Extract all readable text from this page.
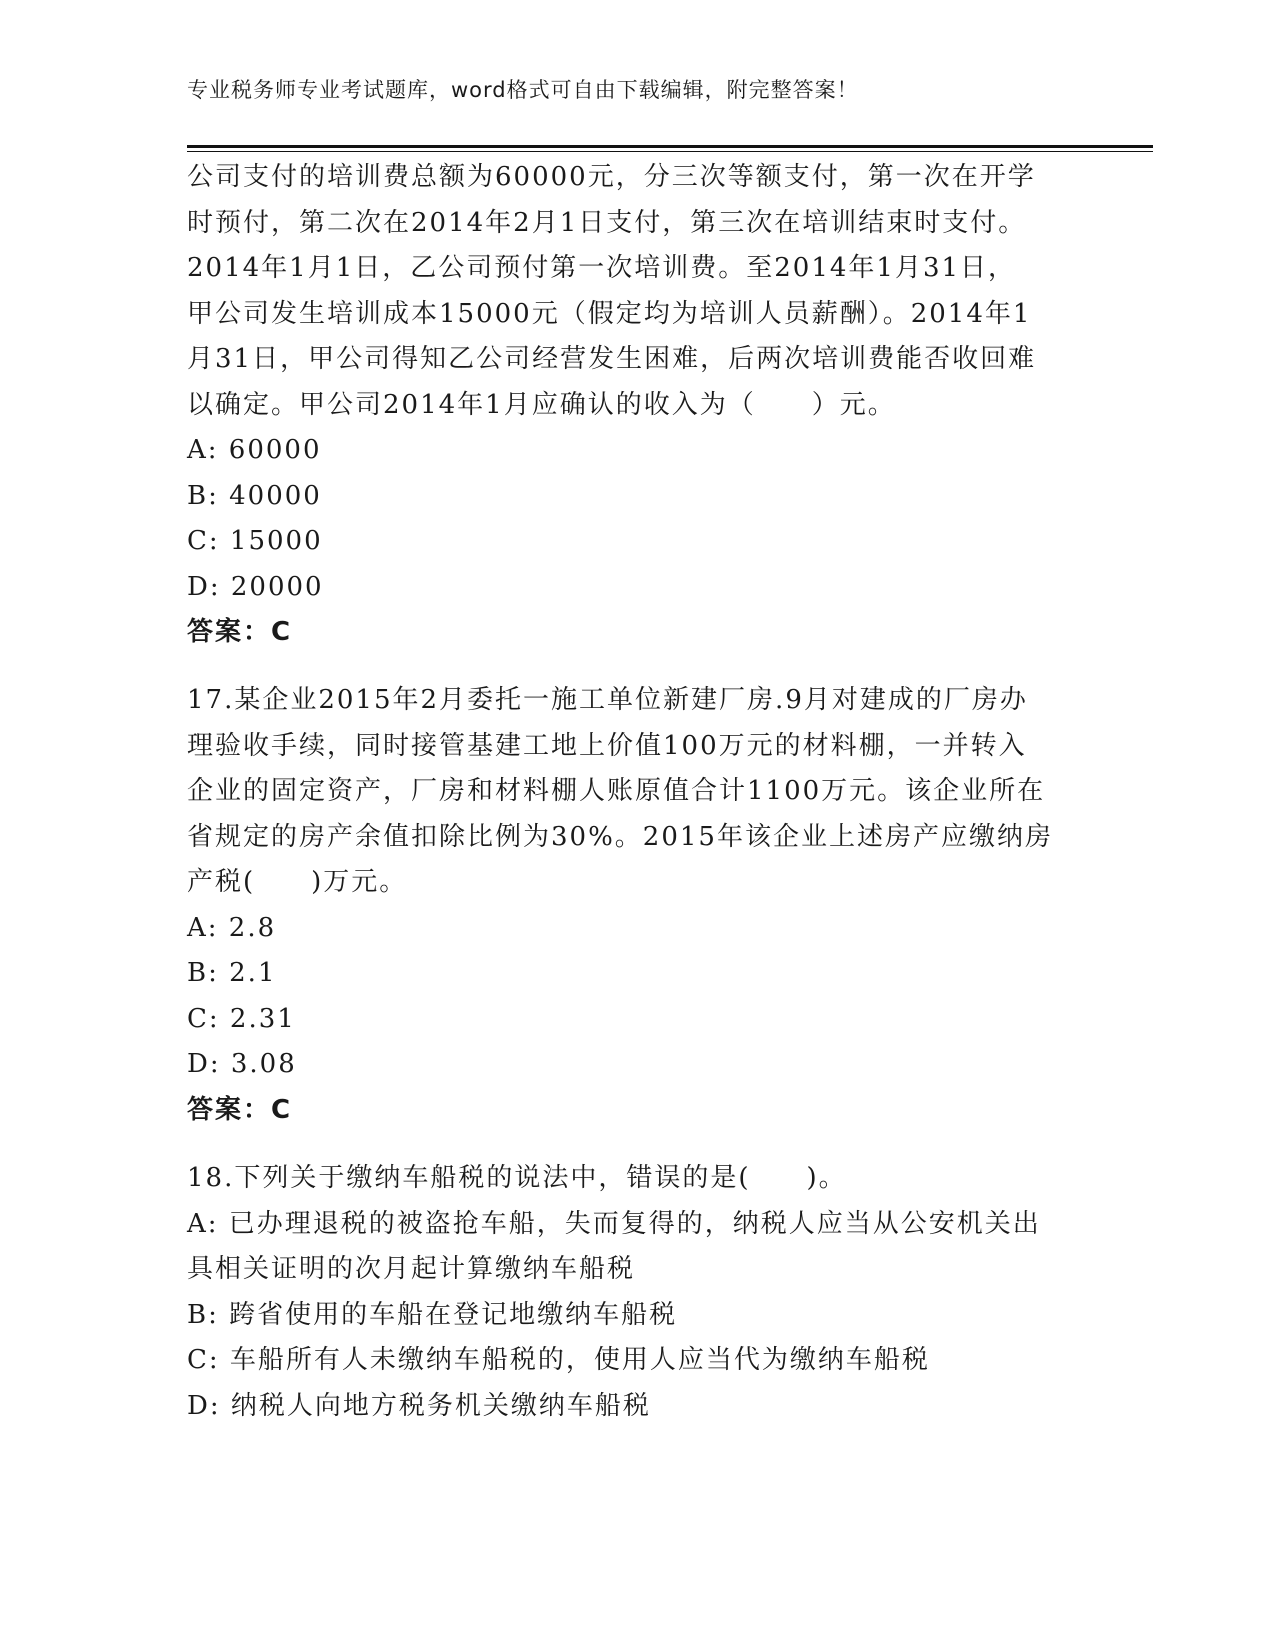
专业税务师专业考试题库，word格式可自由下载编辑，附完整答案！
公司支付的培训费总额为60000元，分三次等额支付，第一次在开学
时预付，第二次在2014年2月1日支付，第三次在培训结束时支付。
2014年1月1日，乙公司预付第一次培训费。至2014年1月31日，
甲公司发生培训成本15000元（假定均为培训人员薪酬）。2014年1
月31日，甲公司得知乙公司经营发生困难，后两次培训费能否收回难
以确定。甲公司2014年1月应确认的收入为（　　）元。
A: 60000
B: 40000
C: 15000
D: 20000
答案：C
17.某企业2015年2月委托一施工单位新建厂房.9月对建成的厂房办
理验收手续，同时接管基建工地上价值100万元的材料棚，一并转入
企业的固定资产，厂房和材料棚人账原值合计1100万元。该企业所在
省规定的房产余值扣除比例为30%。2015年该企业上述房产应缴纳房
产税(　　)万元。
A: 2.8
B: 2.1
C: 2.31
D: 3.08
答案：C
18.下列关于缴纳车船税的说法中，错误的是(　　)。
A: 已办理退税的被盗抢车船，失而复得的，纳税人应当从公安机关出
具相关证明的次月起计算缴纳车船税
B: 跨省使用的车船在登记地缴纳车船税
C: 车船所有人未缴纳车船税的，使用人应当代为缴纳车船税
D: 纳税人向地方税务机关缴纳车船税
